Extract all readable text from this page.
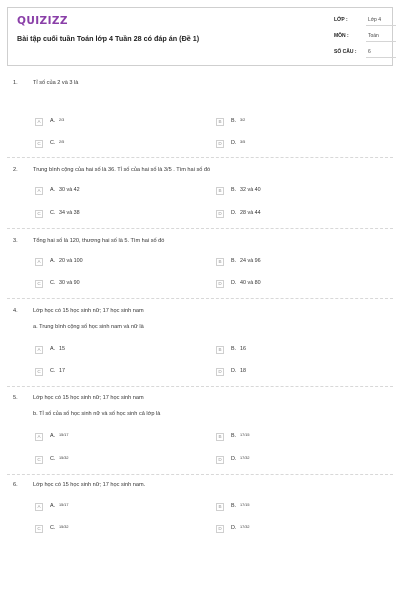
QUIZIZZ
Bài tập cuối tuần Toán lớp 4 Tuần 28 có đáp án (Đề 1)
LỚP :	Lớp 4
MÔN :	Toán
SỐ CÂU : 6
1.	Tỉ số của 2 và 3 là
A	A. 2/3	B	B. 3/2
C	C. 2/5	D	D. 3/5
2.	Trung bình cộng của hai số là 36. Tỉ số của hai số là 3/5 . Tìm hai số đó
A	A. 30 và 42	B	B. 32 và 40
C	C. 34 và 38	D	D. 28 và 44
3.	Tổng hai số là 120, thương hai số là 5. Tìm hai số đó
A	A. 20 và 100	B	B. 24 và 96
C	C. 30 và 90	D	D. 40 và 80
4.	Lớp học có 15 học sinh nữ; 17 học sinh nam
a. Trung bình cộng số học sinh nam và nữ là
A	A. 15	B	B. 16
C	C. 17	D	D. 18
5.	Lớp học có 15 học sinh nữ; 17 học sinh nam
b. Tỉ số của số học sinh nữ và số học sinh cả lớp là
A	A. 15/17	B	B. 17/15
C	C. 15/32	D	D. 17/32
6.	Lớp học có 15 học sinh nữ; 17 học sinh nam.
A	A. 15/17	B	B. 17/15
C	C. 15/32	D	D. 17/32
